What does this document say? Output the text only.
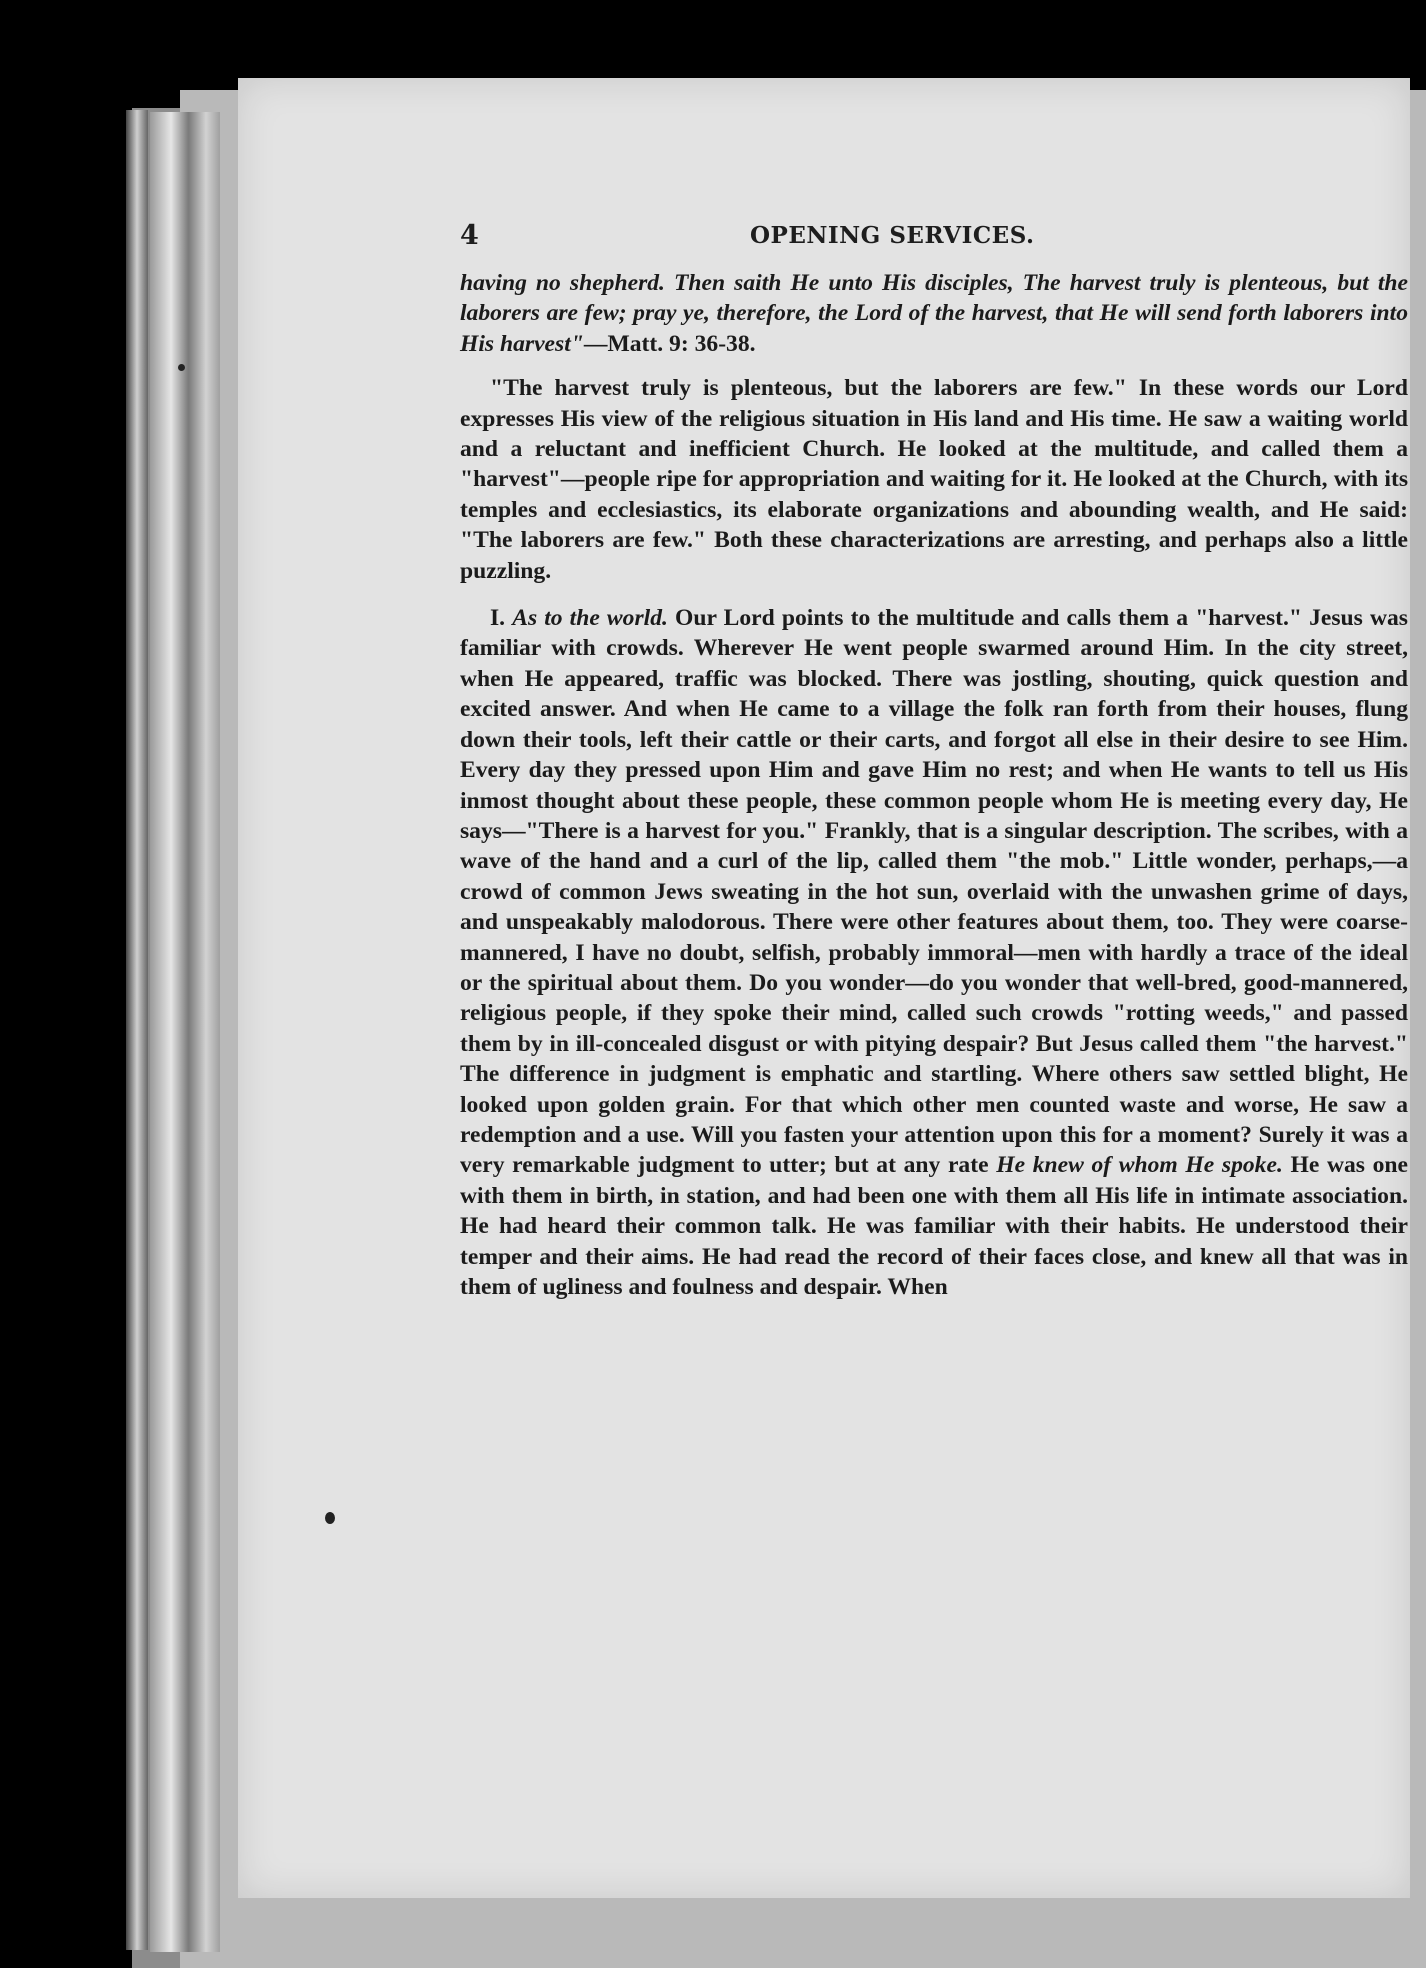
4	OPENING SERVICES.

having no shepherd. Then saith He unto His disciples, The harvest truly is plenteous, but the laborers are few; pray ye, therefore, the Lord of the harvest, that He will send forth laborers into His harvest"—Matt. 9: 36-38.

"The harvest truly is plenteous, but the laborers are few." In these words our Lord expresses His view of the religious situation in His land and His time. He saw a waiting world and a reluctant and inefficient Church. He looked at the multitude, and called them a "harvest"—people ripe for appropriation and waiting for it. He looked at the Church, with its temples and ecclesiastics, its elaborate organizations and abounding wealth, and He said: "The laborers are few." Both these characterizations are arresting, and perhaps also a little puzzling.

I. As to the world. Our Lord points to the multitude and calls them a "harvest." Jesus was familiar with crowds. Wherever He went people swarmed around Him. In the city street, when He appeared, traffic was blocked. There was jostling, shouting, quick question and excited answer. And when He came to a village the folk ran forth from their houses, flung down their tools, left their cattle or their carts, and forgot all else in their desire to see Him. Every day they pressed upon Him and gave Him no rest; and when He wants to tell us His inmost thought about these people, these common people whom He is meeting every day, He says—"There is a harvest for you." Frankly, that is a singular description. The scribes, with a wave of the hand and a curl of the lip, called them "the mob." Little wonder, perhaps,—a crowd of common Jews sweating in the hot sun, overlaid with the unwashen grime of days, and unspeakably malodorous. There were other features about them, too. They were coarse-mannered, I have no doubt, selfish, probably immoral—men with hardly a trace of the ideal or the spiritual about them. Do you wonder—do you wonder that well-bred, good-mannered, religious people, if they spoke their mind, called such crowds "rotting weeds," and passed them by in ill-concealed disgust or with pitying despair? But Jesus called them "the harvest." The difference in judgment is emphatic and startling. Where others saw settled blight, He looked upon golden grain. For that which other men counted waste and worse, He saw a redemption and a use. Will you fasten your attention upon this for a moment? Surely it was a very remarkable judgment to utter; but at any rate He knew of whom He spoke. He was one with them in birth, in station, and had been one with them all His life in intimate association. He had heard their common talk. He was familiar with their habits. He understood their temper and their aims. He had read the record of their faces close, and knew all that was in them of ugliness and foulness and despair. When
